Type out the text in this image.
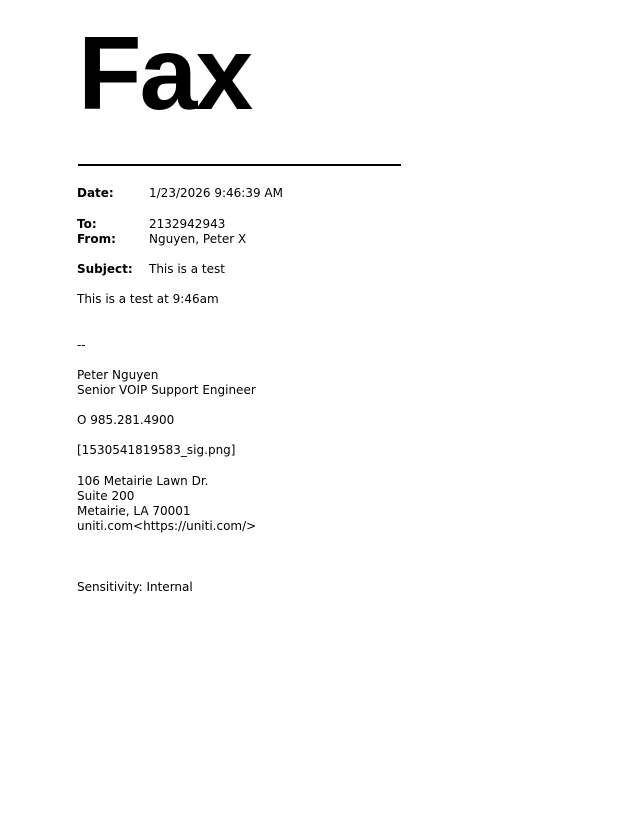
Fax
Date:	1/23/2026 9:46:39 AM
To:	2132942943
From:	Nguyen, Peter X
Subject: This is a test
This is a test at 9:46am
--
Peter Nguyen
Senior VOIP Support Engineer
O 985.281.4900
[1530541819583_sig.png]
106 Metairie Lawn Dr.
Suite 200
Metairie, LA 70001
uniti.com<https://uniti.com/>
Sensitivity: Internal
